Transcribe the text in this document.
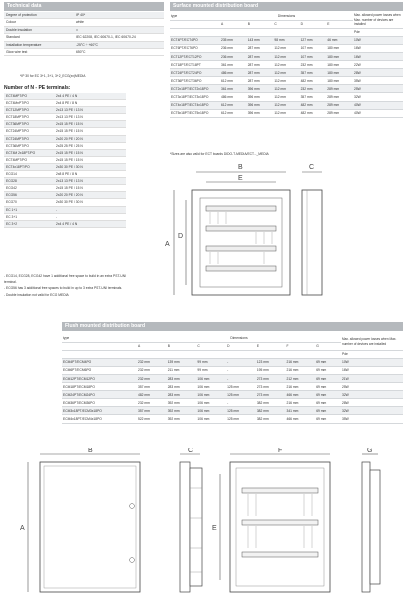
Technical data
Degree of protection	IP 40*
Colour	white
Double insulation	□
Standard	IEC 62208, IEC 60670-1, IEC 60670-24
Installation temperature	-25°C ÷ +60°C
Glow wire test	650°C
*IP 30 for EC 3+1, 3+1, 3+2_ECG(xx)MEDIA
Number of N - PE terminals:
ECT4MPT/PO	2x4 4 PE / 4 N
ECT4MnPT/PO	2x4 8 PE / 8 N
ECT12MPT/PO	2x13 13 PE / 13 N
ECT18MPT/PO	2x13 13 PE / 13 N
ECT36MPT/PO	2x15 15 PE / 15 N
ECT24MPT/PO	2x15 15 PE / 15 N
ECT24MPT/PO	2x20 20 PE / 20 N
ECT36MPT/PO	2x25 25 PE / 25 N
ECT4M 2x18PT/PO	2x15 15 PE / 15 N
ECT4MPT/PO	2x15 15 PE / 15 N
ECT4x18PT/PO	2x30 30 PE / 30 N
ECG14	2x8 8 PE / 8 N
ECG28	2x13 13 PE / 13 N
ECG42	2x15 15 PE / 15 N
ECG56	2x20 20 PE / 20 N
ECG70	2x30 30 PE / 30 N
EC 1+1	-
EC 3+1	-
EC 3+2	2x4 4 PE / 4 N
- ECG14, ECG28, ECG42 have 1 additional free space to build in an extra PST-UNI terminal.
- ECG56 has 3 additional free spaces to build in up to 3 extra PST-UNI terminals.
- Double insulation not valid for ECG MEDIA
Surface mounted distribution board
type	Dimensions					Max. allowed power losses when Max. number of devices are installed
	A	B	C	D	E	
						Pde
ECT4PT/ECT4PO	235 mm	143 mm	98 mm	127 mm	46 mm	10W
ECT6PT/ECT6PO	236 mm	287 mm	112 mm	107 mm	180 mm	16W
ECT12PT/ECT12PO	236 mm	287 mm	112 mm	107 mm	180 mm	16W
ECT18PT/ECT18PT	361 mm	287 mm	112 mm	232 mm	180 mm	22W
ECT24PT/ECT24PO	486 mm	287 mm	112 mm	357 mm	180 mm	28W
ECT36PT/ECT36PO	612 mm	287 mm	112 mm	482 mm	180 mm	35W
ECT2x18PT/ECT2x18PO	361 mm	396 mm	112 mm	232 mm	289 mm	25W
ECT3x18PT/ECT3x18PO	486 mm	396 mm	112 mm	357 mm	289 mm	32W
ECT4x18PT/ECT4x18PO	612 mm	396 mm	112 mm	482 mm	289 mm	40W
ECT5x18PT/ECT5x18PO	612 mm	396 mm	112 mm	482 mm	289 mm	40W
*Sizes are also valid for ECT boards DIDO-T-MEDIA/ECT..._MEDIA
B
E
A
D
C
Flush mounted distribution board
type	Dimensions							Max. allowed power losses when Max. number of devices are installed
	A	B	C	D	E	F	G	
								Pde
ECM4PT/ECM4PO	232 mm	139 mm	99 mm	-	123 mm	216 mm	69 mm	10W
ECM6PT/ECM6PO	232 mm	211 mm	99 mm	-	195 mm	216 mm	69 mm	16W
ECM12PT/ECM12PO	232 mm	283 mm	106 mm	-	273 mm	212 mm	69 mm	21W
ECM18PT/ECM18PO	357 mm	283 mm	106 mm	125 mm	273 mm	216 mm	69 mm	25W
ECM24PT/ECM24PO	482 mm	283 mm	106 mm	125 mm	273 mm	466 mm	69 mm	32W
ECM36PT/ECM36PO	232 mm	392 mm	106 mm	-	382 mm	216 mm	69 mm	28W
ECM3x18PT/ECM3x18PO	357 mm	392 mm	106 mm	125 mm	382 mm	341 mm	69 mm	32W
ECM4x18PT/ECM4x18PO	522 mm	392 mm	106 mm	125 mm	382 mm	466 mm	69 mm	35W
B
A
C	F
E
G
